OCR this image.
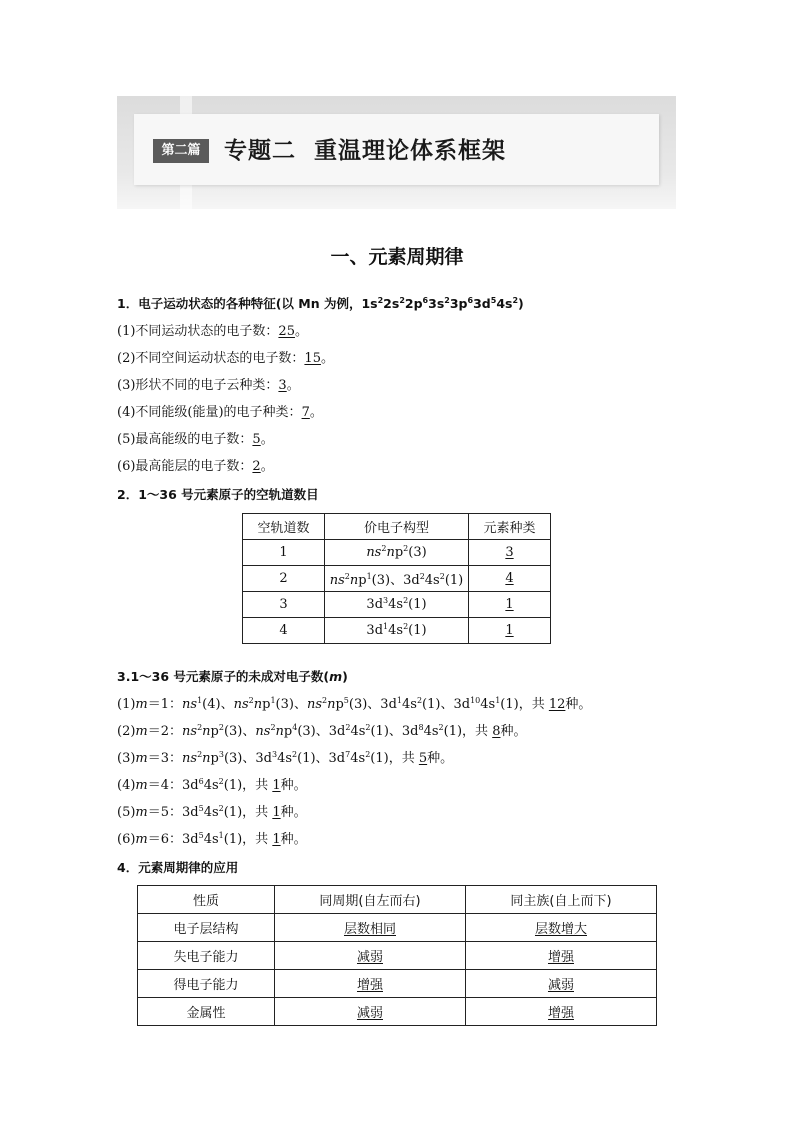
第二篇	专题二  重温理论体系框架
一、元素周期律
1．电子运动状态的各种特征(以 Mn 为例，$1s^22s^22p^63s^23p^63d^54s^2$)
(1)不同运动状态的电子数：25。
(2)不同空间运动状态的电子数：15。
(3)形状不同的电子云种类：3。
(4)不同能级(能量)的电子种类：7。
(5)最高能级的电子数：5。
(6)最高能层的电子数：2。
2．1～36 号元素原子的空轨道数目
空轨道数	价电子构型	元素种类
1	$ns^2np^2(3)$	3
2	$ns^2np^1(3)$、$3d^24s^2(1)$	4
3	$3d^34s^2(1)$	1
4	$3d^14s^2(1)$	1
3.1～36 号元素原子的未成对电子数(m)
(1)m＝1：$ns^1(4)$、$ns^2np^1(3)$、$ns^2np^5(3)$、$3d^14s^2(1)$、$3d^{10}4s^1(1)$，共 12种。
(2)m＝2：$ns^2np^2(3)$、$ns^2np^4(3)$、$3d^24s^2(1)$、$3d^84s^2(1)$，共 8种。
(3)m＝3：$ns^2np^3(3)$、$3d^34s^2(1)$、$3d^74s^2(1)$，共 5种。
(4)m＝4：$3d^64s^2(1)$，共 1种。
(5)m＝5：$3d^54s^2(1)$，共 1种。
(6)m＝6：$3d^54s^1(1)$，共 1种。
4．元素周期律的应用
性质	同周期(自左而右)	同主族(自上而下)
电子层结构	层数相同	层数增大
失电子能力	减弱	增强
得电子能力	增强	减弱
金属性	减弱	增强
